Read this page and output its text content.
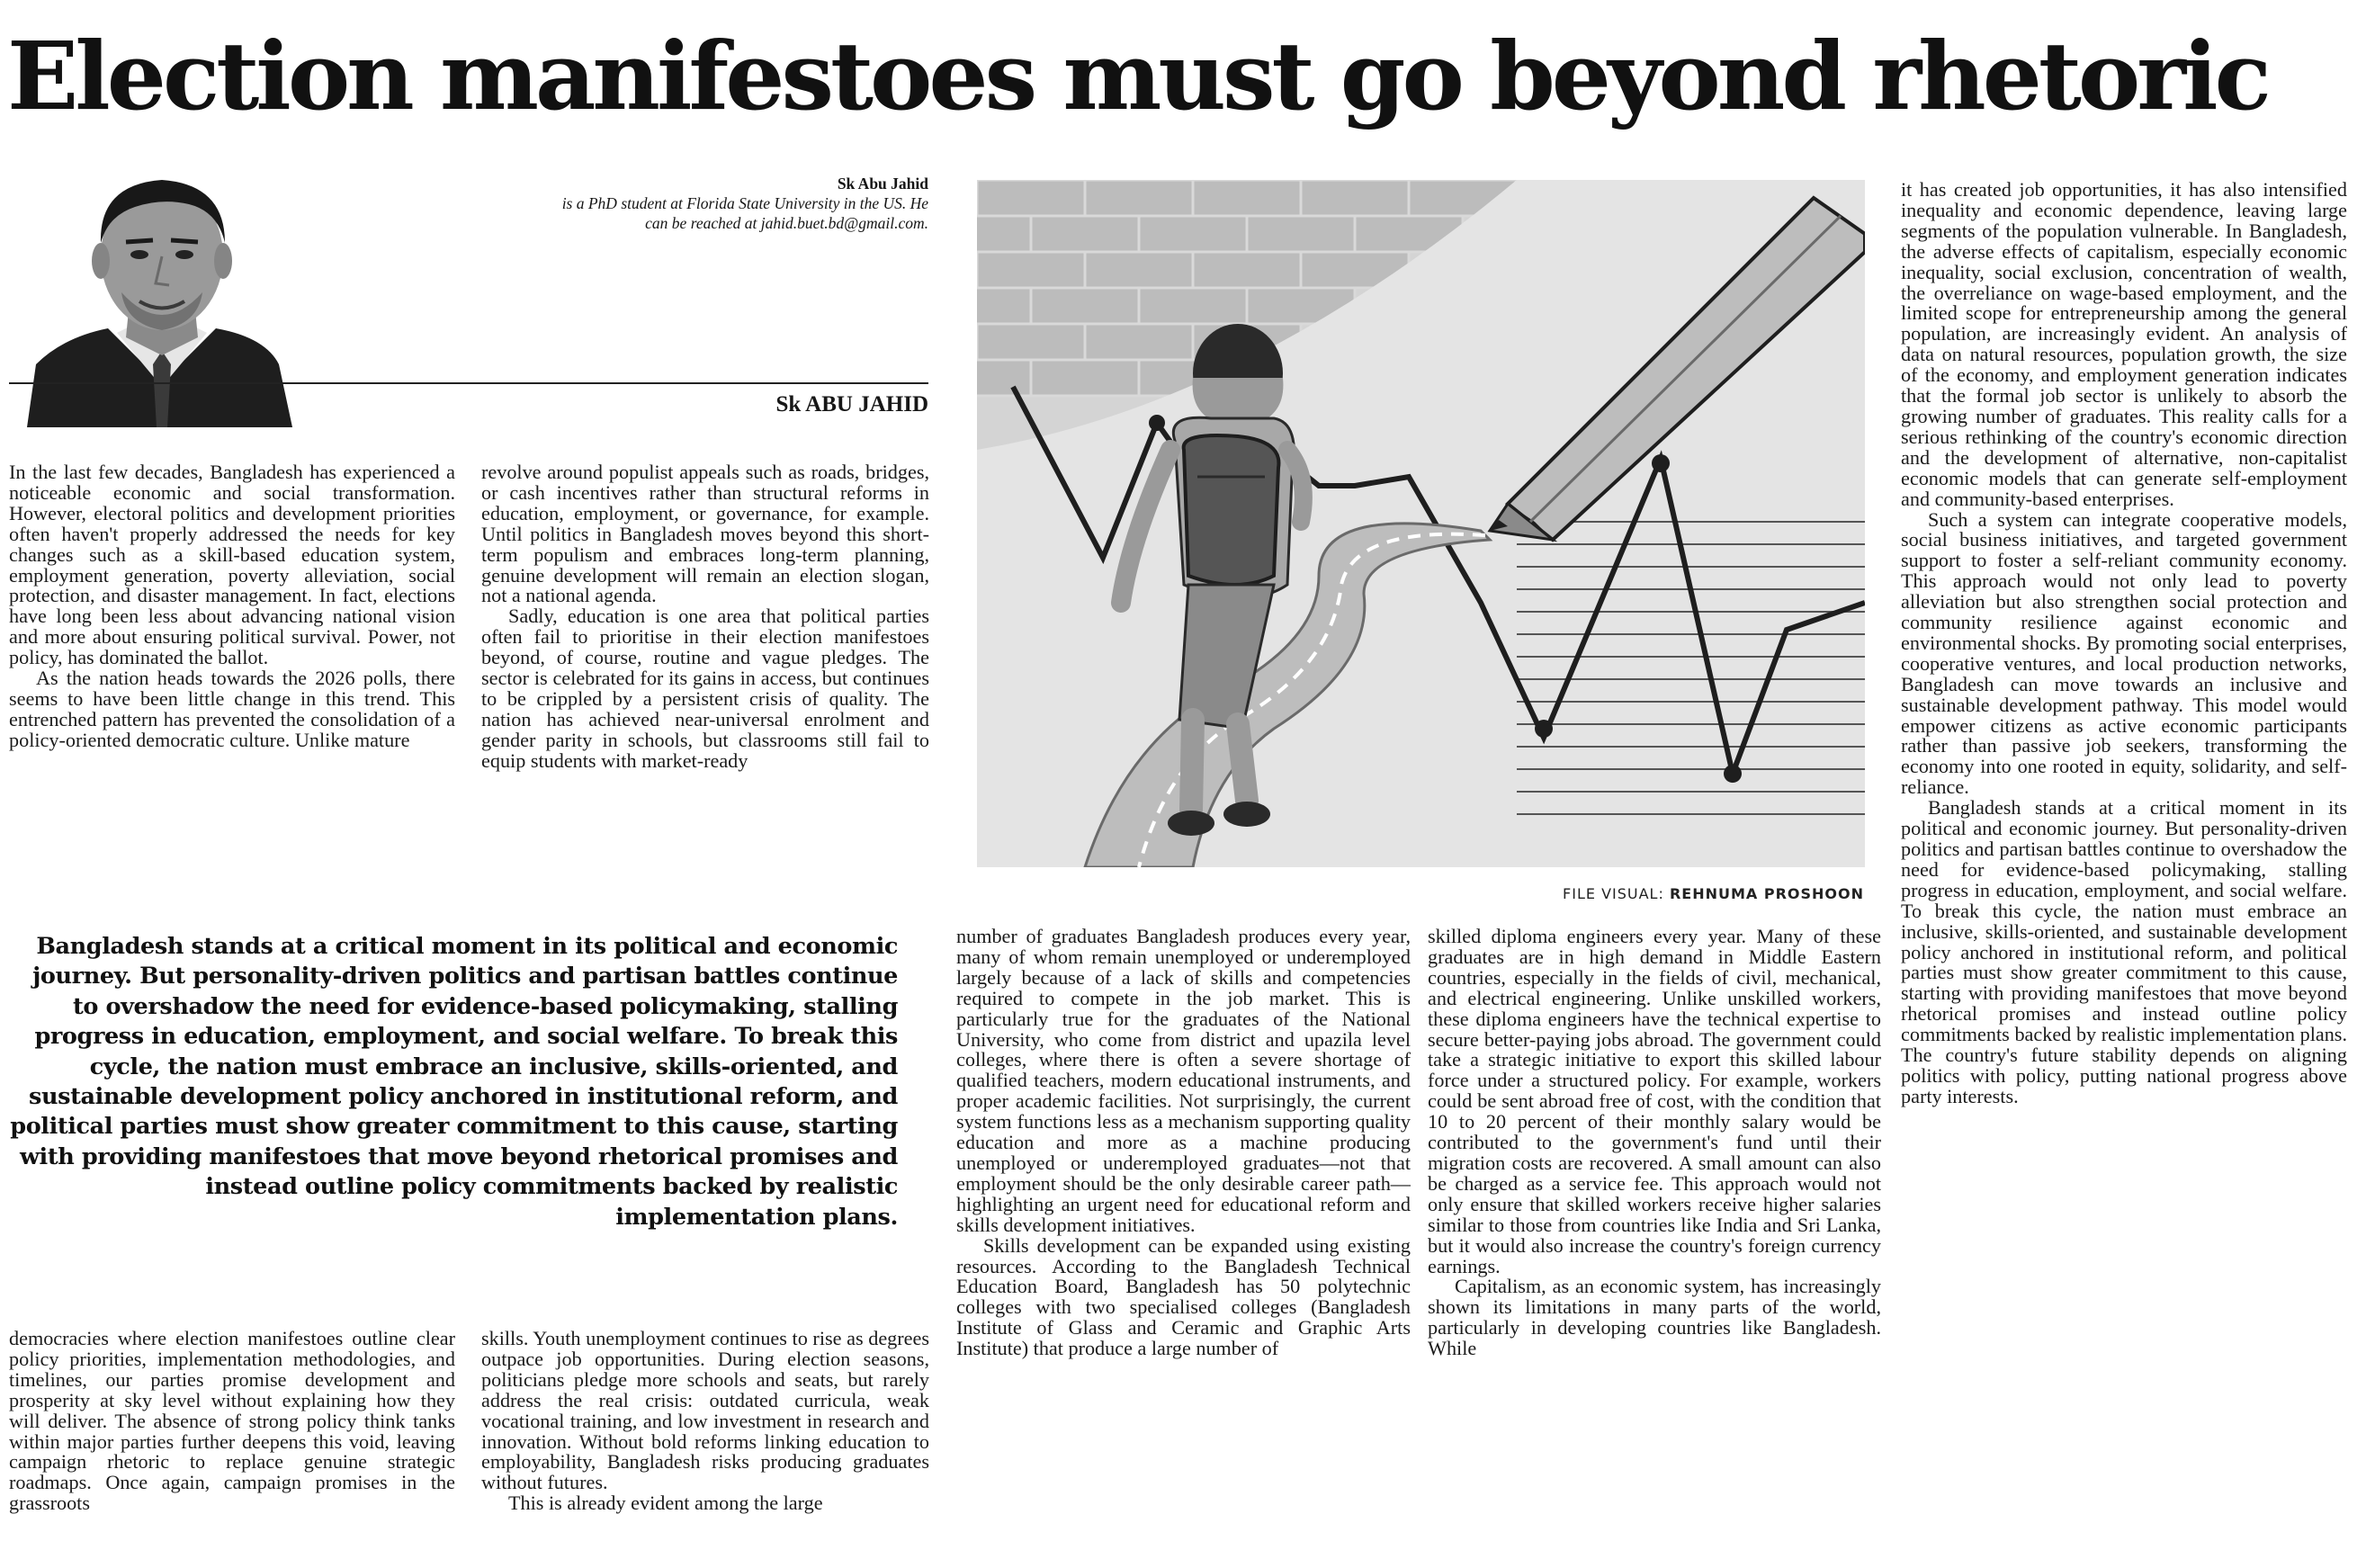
Election manifestoes must go beyond rhetoric
Sk Abu Jahid
is a PhD student at Florida State University in the US. He can be reached at jahid.buet.bd@gmail.com.
Sk ABU JAHID

In the last few decades, Bangladesh has experienced a noticeable economic and social transformation. However, electoral politics and development priorities often haven't properly addressed the needs for key changes such as a skill-based education system, employment generation, poverty alleviation, social protection, and disaster management. In fact, elections have long been less about advancing national vision and more about ensuring political survival. Power, not policy, has dominated the ballot.

As the nation heads towards the 2026 polls, there seems to have been little change in this trend. This entrenched pattern has prevented the consolidation of a policy-oriented democratic culture. Unlike mature

revolve around populist appeals such as roads, bridges, or cash incentives rather than structural reforms in education, employment, or governance, for example. Until politics in Bangladesh moves beyond this short-term populism and embraces long-term planning, genuine development will remain an election slogan, not a national agenda.

Sadly, education is one area that political parties often fail to prioritise in their election manifestoes beyond, of course, routine and vague pledges. The sector is celebrated for its gains in access, but continues to be crippled by a persistent crisis of quality. The nation has achieved near-universal enrolment and gender parity in schools, but classrooms still fail to equip students with market-ready

FILE VISUAL: REHNUMA PROSHOON

Bangladesh stands at a critical moment in its political and economic journey. But personality-driven politics and partisan battles continue to overshadow the need for evidence-based policymaking, stalling progress in education, employment, and social welfare. To break this cycle, the nation must embrace an inclusive, skills-oriented, and sustainable development policy anchored in institutional reform, and political parties must show greater commitment to this cause, starting with providing manifestoes that move beyond rhetorical promises and instead outline policy commitments backed by realistic implementation plans.

democracies where election manifestoes outline clear policy priorities, implementation methodologies, and timelines, our parties promise development and prosperity at sky level without explaining how they will deliver. The absence of strong policy think tanks within major parties further deepens this void, leaving campaign rhetoric to replace genuine strategic roadmaps. Once again, campaign promises in the grassroots

skills. Youth unemployment continues to rise as degrees outpace job opportunities. During election seasons, politicians pledge more schools and seats, but rarely address the real crisis: outdated curricula, weak vocational training, and low investment in research and innovation. Without bold reforms linking education to employability, Bangladesh risks producing graduates without futures.

This is already evident among the large

number of graduates Bangladesh produces every year, many of whom remain unemployed or underemployed largely because of a lack of skills and competencies required to compete in the job market. This is particularly true for the graduates of the National University, who come from district and upazila level colleges, where there is often a severe shortage of qualified teachers, modern educational instruments, and proper academic facilities. Not surprisingly, the current system functions less as a mechanism supporting quality education and more as a machine producing unemployed or underemployed graduates—not that employment should be the only desirable career path—highlighting an urgent need for educational reform and skills development initiatives.

Skills development can be expanded using existing resources. According to the Bangladesh Technical Education Board, Bangladesh has 50 polytechnic colleges with two specialised colleges (Bangladesh Institute of Glass and Ceramic and Graphic Arts Institute) that produce a large number of

skilled diploma engineers every year. Many of these graduates are in high demand in Middle Eastern countries, especially in the fields of civil, mechanical, and electrical engineering. Unlike unskilled workers, these diploma engineers have the technical expertise to secure better-paying jobs abroad. The government could take a strategic initiative to export this skilled labour force under a structured policy. For example, workers could be sent abroad free of cost, with the condition that 10 to 20 percent of their monthly salary would be contributed to the government's fund until their migration costs are recovered. A small amount can also be charged as a service fee. This approach would not only ensure that skilled workers receive higher salaries similar to those from countries like India and Sri Lanka, but it would also increase the country's foreign currency earnings.

Capitalism, as an economic system, has increasingly shown its limitations in many parts of the world, particularly in developing countries like Bangladesh. While

it has created job opportunities, it has also intensified inequality and economic dependence, leaving large segments of the population vulnerable. In Bangladesh, the adverse effects of capitalism, especially economic inequality, social exclusion, concentration of wealth, the overreliance on wage-based employment, and the limited scope for entrepreneurship among the general population, are increasingly evident. An analysis of data on natural resources, population growth, the size of the economy, and employment generation indicates that the formal job sector is unlikely to absorb the growing number of graduates. This reality calls for a serious rethinking of the country's economic direction and the development of alternative, non-capitalist economic models that can generate self-employment and community-based enterprises.

Such a system can integrate cooperative models, social business initiatives, and targeted government support to foster a self-reliant community economy. This approach would not only lead to poverty alleviation but also strengthen social protection and community resilience against economic and environmental shocks. By promoting social enterprises, cooperative ventures, and local production networks, Bangladesh can move towards an inclusive and sustainable development pathway. This model would empower citizens as active economic participants rather than passive job seekers, transforming the economy into one rooted in equity, solidarity, and self-reliance.

Bangladesh stands at a critical moment in its political and economic journey. But personality-driven politics and partisan battles continue to overshadow the need for evidence-based policymaking, stalling progress in education, employment, and social welfare. To break this cycle, the nation must embrace an inclusive, skills-oriented, and sustainable development policy anchored in institutional reform, and political parties must show greater commitment to this cause, starting with providing manifestoes that move beyond rhetorical promises and instead outline policy commitments backed by realistic implementation plans. The country's future stability depends on aligning politics with policy, putting national progress above party interests.
